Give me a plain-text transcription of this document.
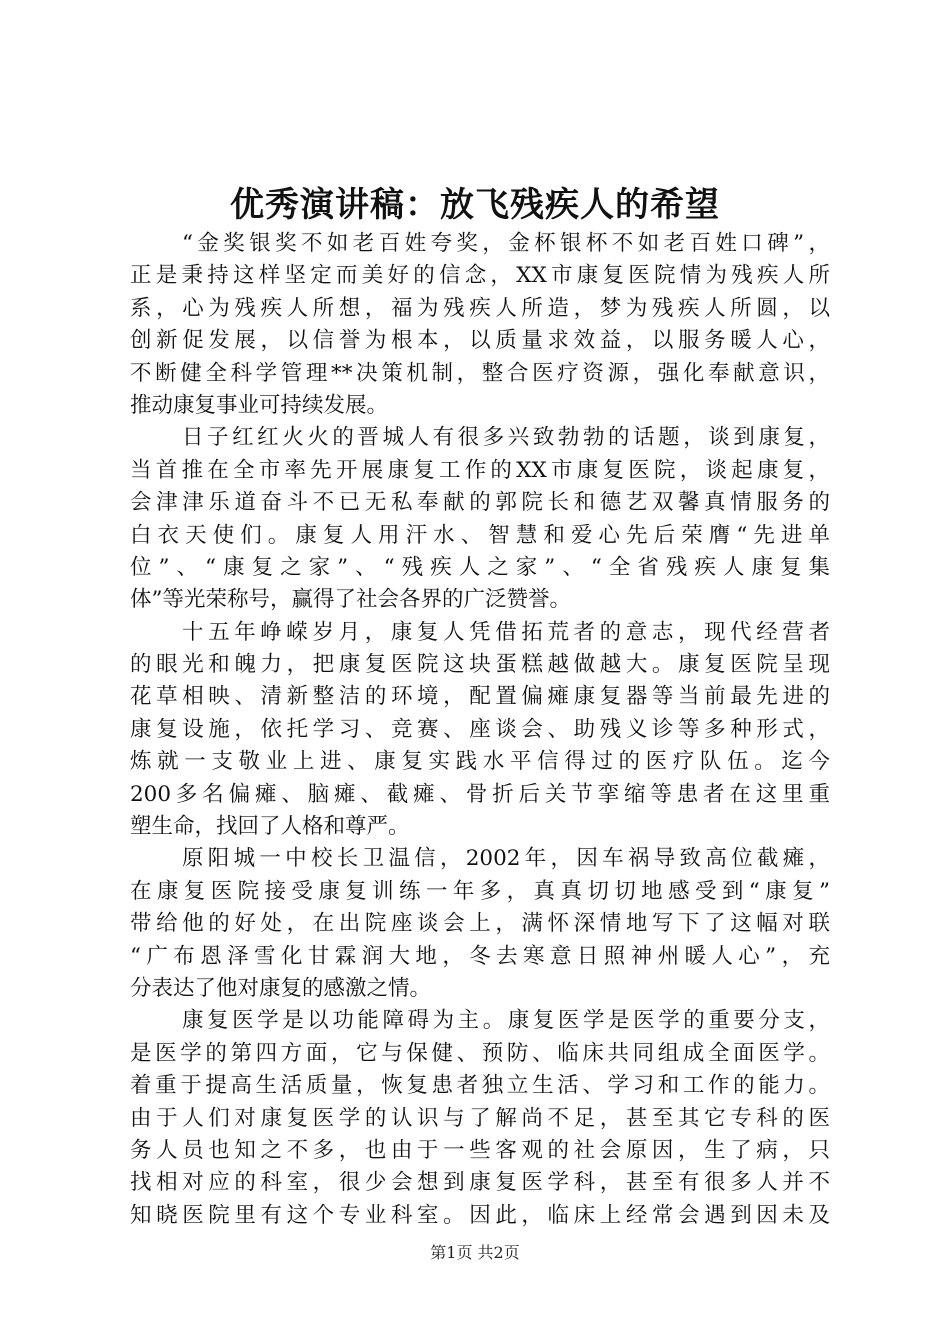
优秀演讲稿：放飞残疾人的希望
“金奖银奖不如老百姓夸奖，金杯银杯不如老百姓口碑”，
正是秉持这样坚定而美好的信念，XX市康复医院情为残疾人所
系，心为残疾人所想，福为残疾人所造，梦为残疾人所圆，以
创新促发展，以信誉为根本，以质量求效益，以服务暖人心，
不断健全科学管理**决策机制，整合医疗资源，强化奉献意识，
推动康复事业可持续发展。
日子红红火火的晋城人有很多兴致勃勃的话题，谈到康复，
当首推在全市率先开展康复工作的XX市康复医院，谈起康复，
会津津乐道奋斗不已无私奉献的郭院长和德艺双馨真情服务的
白衣天使们。康复人用汗水、智慧和爱心先后荣膺“先进单
位”、“康复之家”、“残疾人之家”、“全省残疾人康复集
体”等光荣称号，赢得了社会各界的广泛赞誉。
十五年峥嵘岁月，康复人凭借拓荒者的意志，现代经营者
的眼光和魄力，把康复医院这块蛋糕越做越大。康复医院呈现
花草相映、清新整洁的环境，配置偏瘫康复器等当前最先进的
康复设施，依托学习、竞赛、座谈会、助残义诊等多种形式，
炼就一支敬业上进、康复实践水平信得过的医疗队伍。迄今
200多名偏瘫、脑瘫、截瘫、骨折后关节挛缩等患者在这里重
塑生命，找回了人格和尊严。
原阳城一中校长卫温信，2002年，因车祸导致高位截瘫，
在康复医院接受康复训练一年多，真真切切地感受到“康复”
带给他的好处，在出院座谈会上，满怀深情地写下了这幅对联
“广布恩泽雪化甘霖润大地，冬去寒意日照神州暖人心”，充
分表达了他对康复的感激之情。
康复医学是以功能障碍为主。康复医学是医学的重要分支，
是医学的第四方面，它与保健、预防、临床共同组成全面医学。
着重于提高生活质量，恢复患者独立生活、学习和工作的能力。
由于人们对康复医学的认识与了解尚不足，甚至其它专科的医
务人员也知之不多，也由于一些客观的社会原因，生了病，只
找相对应的科室，很少会想到康复医学科，甚至有很多人并不
知晓医院里有这个专业科室。因此，临床上经常会遇到因未及
第1页 共2页
